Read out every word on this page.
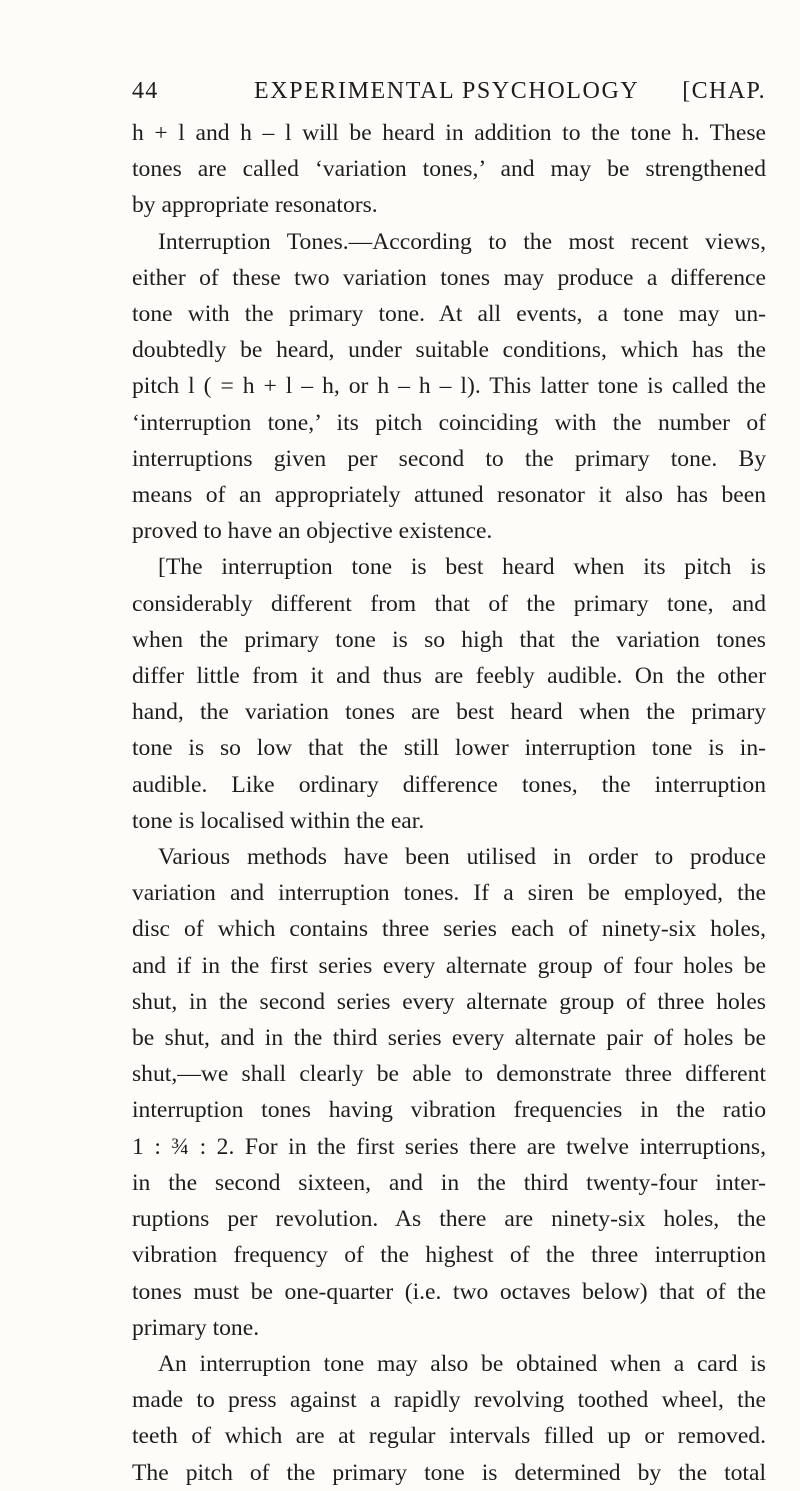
44	EXPERIMENTAL PSYCHOLOGY	[CHAP.
h + l and h – l will be heard in addition to the tone h. These
tones are called ‘variation tones,’ and may be strengthened
by appropriate resonators.
Interruption Tones.—According to the most recent views,
either of these two variation tones may produce a difference
tone with the primary tone. At all events, a tone may un-
doubtedly be heard, under suitable conditions, which has the
pitch l ( = h + l – h, or h – h – l). This latter tone is called the
‘interruption tone,’ its pitch coinciding with the number of
interruptions given per second to the primary tone. By
means of an appropriately attuned resonator it also has been
proved to have an objective existence.
[The interruption tone is best heard when its pitch is
considerably different from that of the primary tone, and
when the primary tone is so high that the variation tones
differ little from it and thus are feebly audible. On the other
hand, the variation tones are best heard when the primary
tone is so low that the still lower interruption tone is in-
audible. Like ordinary difference tones, the interruption
tone is localised within the ear.
Various methods have been utilised in order to produce
variation and interruption tones. If a siren be employed, the
disc of which contains three series each of ninety-six holes,
and if in the first series every alternate group of four holes be
shut, in the second series every alternate group of three holes
be shut, and in the third series every alternate pair of holes be
shut,—we shall clearly be able to demonstrate three different
interruption tones having vibration frequencies in the ratio
1 : ¾ : 2. For in the first series there are twelve interruptions,
in the second sixteen, and in the third twenty-four inter-
ruptions per revolution. As there are ninety-six holes, the
vibration frequency of the highest of the three interruption
tones must be one-quarter (i.e. two octaves below) that of the
primary tone.
An interruption tone may also be obtained when a card is
made to press against a rapidly revolving toothed wheel, the
teeth of which are at regular intervals filled up or removed.
The pitch of the primary tone is determined by the total
